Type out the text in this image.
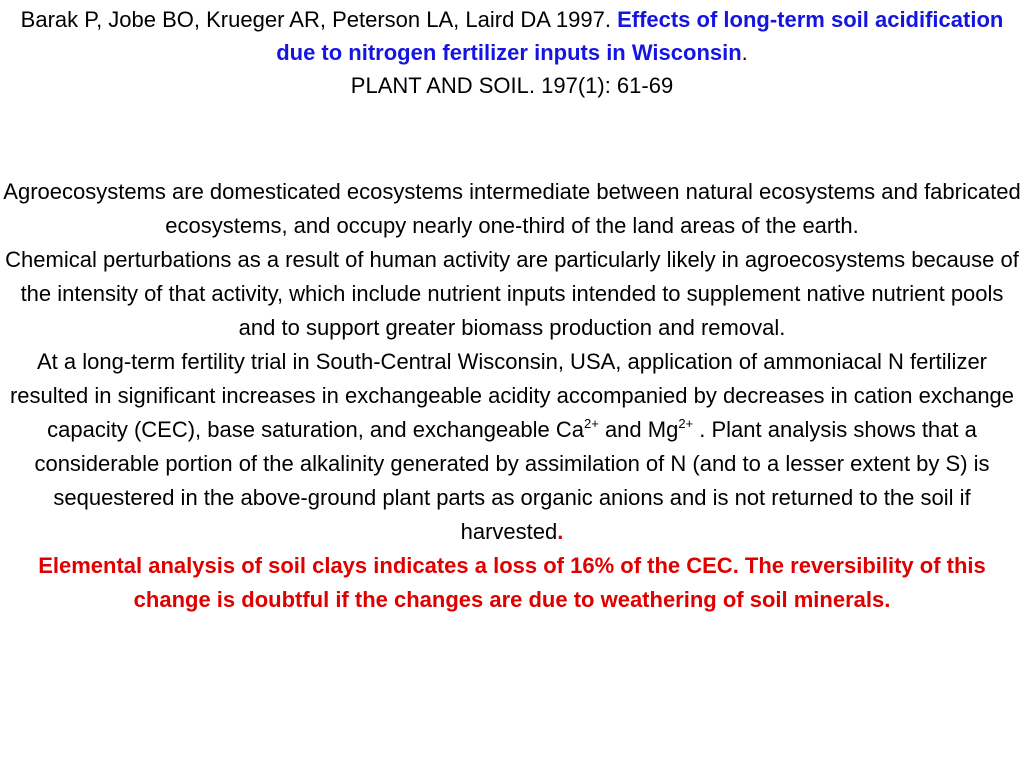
Barak P, Jobe BO, Krueger AR, Peterson LA, Laird DA 1997. Effects of long-term soil acidification due to nitrogen fertilizer inputs in Wisconsin.
PLANT AND SOIL. 197(1): 61-69

Agroecosystems are domesticated ecosystems intermediate between natural ecosystems and fabricated ecosystems, and occupy nearly one-third of the land areas of the earth.

Chemical perturbations as a result of human activity are particularly likely in agroecosystems because of the intensity of that activity, which include nutrient inputs intended to supplement native nutrient pools and to support greater biomass production and removal.

At a long-term fertility trial in South-Central Wisconsin, USA, application of ammoniacal N fertilizer resulted in significant increases in exchangeable acidity accompanied by decreases in cation exchange capacity (CEC), base saturation, and exchangeable $Ca^{2+}$ and $Mg^{2+}$ . Plant analysis shows that a considerable portion of the alkalinity generated by assimilation of N (and to a lesser extent by S) is sequestered in the above-ground plant parts as organic anions and is not returned to the soil if harvested.

Elemental analysis of soil clays indicates a loss of 16% of the CEC. The reversibility of this change is doubtful if the changes are due to weathering of soil minerals.
